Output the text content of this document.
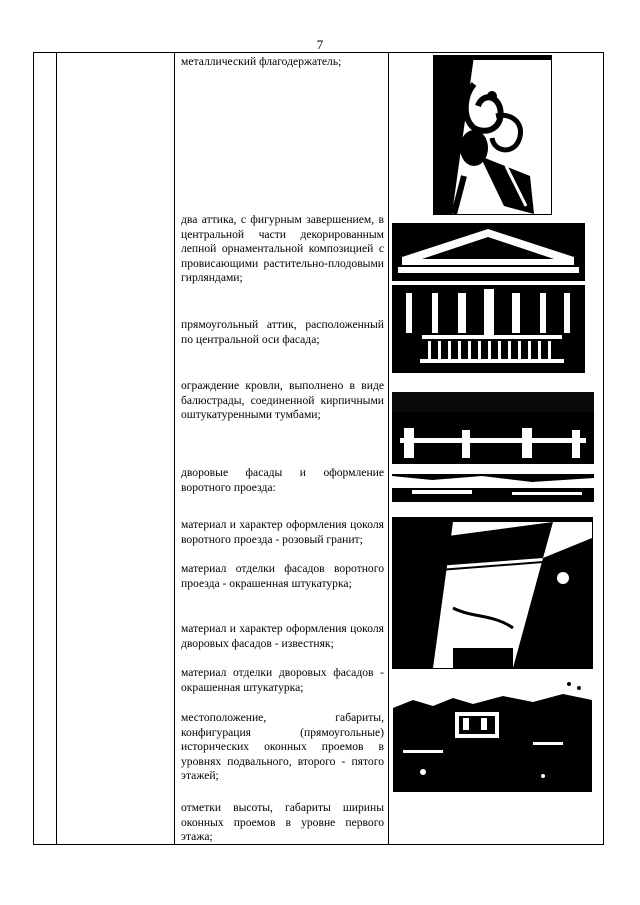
7
металлический флагодержатель;
два аттика, с фигурным завершением, в центральной части декорированным лепной орнаментальной композицией с провисающими растительно-плодовыми гирляндами;
прямоугольный аттик, расположенный по центральной оси фасада;
ограждение кровли, выполнено в виде балюстрады, соединенной кирпичными оштукатуренными тумбами;
дворовые фасады и оформление воротного проезда:
материал и характер оформления цоколя воротного проезда - розовый гранит;
материал отделки фасадов воротного проезда - окрашенная штукатурка;
материал и характер оформления цоколя дворовых фасадов - известняк;
материал отделки дворовых фасадов - окрашенная штукатурка;
местоположение, габариты, конфигурация (прямоугольные) исторических оконных проемов в уровнях подвального, второго - пятого этажей;
отметки высоты, габариты ширины оконных проемов в уровне первого этажа;
